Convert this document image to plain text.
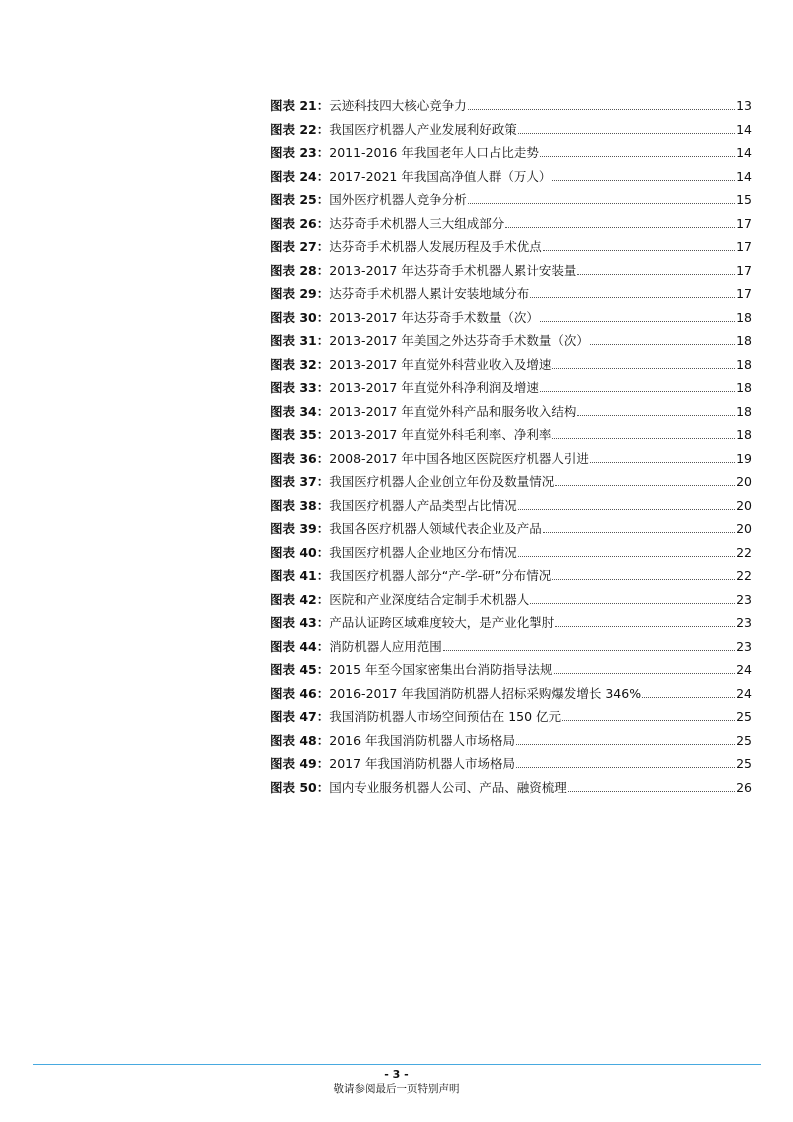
图表 21： 云迹科技四大核心竞争力	13
图表 22： 我国医疗机器人产业发展利好政策	14
图表 23： 2011-2016 年我国老年人口占比走势	14
图表 24： 2017-2021 年我国高净值人群（万人）	14
图表 25： 国外医疗机器人竞争分析	15
图表 26： 达芬奇手术机器人三大组成部分	17
图表 27： 达芬奇手术机器人发展历程及手术优点	17
图表 28： 2013-2017 年达芬奇手术机器人累计安装量	17
图表 29： 达芬奇手术机器人累计安装地域分布	17
图表 30： 2013-2017 年达芬奇手术数量（次）	18
图表 31： 2013-2017 年美国之外达芬奇手术数量（次）	18
图表 32： 2013-2017 年直觉外科营业收入及增速	18
图表 33： 2013-2017 年直觉外科净利润及增速	18
图表 34： 2013-2017 年直觉外科产品和服务收入结构	18
图表 35： 2013-2017 年直觉外科毛利率、净利率	18
图表 36： 2008-2017 年中国各地区医院医疗机器人引进	19
图表 37： 我国医疗机器人企业创立年份及数量情况	20
图表 38： 我国医疗机器人产品类型占比情况	20
图表 39： 我国各医疗机器人领域代表企业及产品	20
图表 40： 我国医疗机器人企业地区分布情况	22
图表 41： 我国医疗机器人部分“产-学-研”分布情况	22
图表 42： 医院和产业深度结合定制手术机器人	23
图表 43： 产品认证跨区域难度较大，是产业化掣肘	23
图表 44： 消防机器人应用范围	23
图表 45： 2015 年至今国家密集出台消防指导法规	24
图表 46： 2016-2017 年我国消防机器人招标采购爆发增长 346%	24
图表 47： 我国消防机器人市场空间预估在 150 亿元	25
图表 48： 2016 年我国消防机器人市场格局	25
图表 49： 2017 年我国消防机器人市场格局	25
图表 50： 国内专业服务机器人公司、产品、融资梳理	26
- 3 -
敬请参阅最后一页特别声明
